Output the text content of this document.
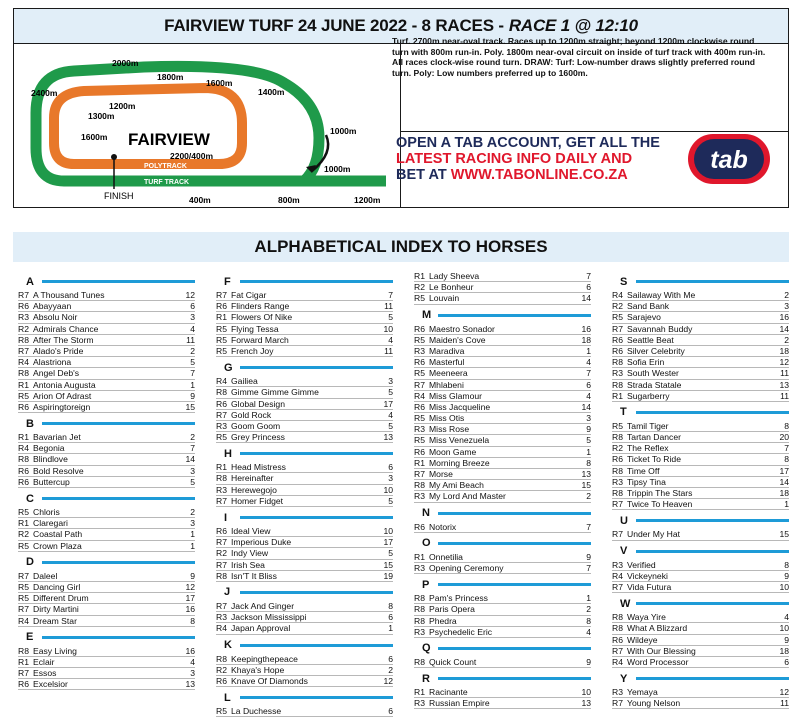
FAIRVIEW TURF 24 JUNE 2022 - 8 RACES - RACE 1 @ 12:10
FAIRVIEW
2400m
2000m
1800m
1600m
1400m
1000m
1000m
1200m
1300m
1600m
2200/400m
POLYTRACK
TURF TRACK
FINISH	400m	800m	1200m
Turf. 2700m near-oval track. Races up to 1200m straight; beyond 1200m clockwise round turn with 800m run-in. Poly. 1800m near-oval circuit on inside of turf track with 400m run-in. All races clock-wise round turn. DRAW: Turf: Low-number draws slightly preferred round turn. Poly: Low numbers preferred up to 1600m.
OPEN A TAB ACCOUNT, GET ALL THE
LATEST RACING INFO DAILY AND
BET AT WWW.TABONLINE.CO.ZA
tab
ALPHABETICAL INDEX TO HORSES
A
R7 A Thousand Tunes	12
R6 Abayyaan	6
R3 Absolu Noir	3
R2 Admirals Chance	4
R8 After The Storm	11
R7 Alado's Pride	2
R4 Alastriona	5
R8 Angel Deb's	7
R1 Antonia Augusta	1
R5 Arion Of Adrast	9
R6 Aspiringtoreign	15
B
R1 Bavarian Jet	2
R4 Begonia	7
R8 Blindlove	14
R6 Bold Resolve	3
R6 Buttercup	5
C
R5 Chloris	2
R1 Claregari	3
R2 Coastal Path	1
R5 Crown Plaza	1
D
R7 Daleel	9
R5 Dancing Girl	12
R5 Different Drum	17
R7 Dirty Martini	16
R4 Dream Star	8
E
R8 Easy Living	16
R1 Eclair	4
R7 Essos	3
R6 Excelsior	13
F
R7 Fat Cigar	7
R6 Flinders Range	11
R1 Flowers Of Nike	5
R5 Flying Tessa	10
R5 Forward March	4
R5 French Joy	11
G
R4 Gailiea	3
R8 Gimme Gimme Gimme	5
R6 Global Design	17
R7 Gold Rock	4
R3 Goom Goom	5
R5 Grey Princess	13
H
R1 Head Mistress	6
R8 Hereinafter	3
R3 Herewegojo	10
R7 Homer Fidget	5
I
R6 Ideal View	10
R7 Imperious Duke	17
R2 Indy View	5
R7 Irish Sea	15
R8 Isn'T It Bliss	19
J
R7 Jack And Ginger	8
R3 Jackson Mississippi	6
R4 Japan Approval	1
K
R8 Keepingthepeace	6
R2 Khaya's Hope	2
R6 Knave Of Diamonds	12
L
R5 La Duchesse	6
R1 Lady Sheeva	7
R2 Le Bonheur	6
R5 Louvain	14
M
R6 Maestro Sonador	16
R5 Maiden's Cove	18
R3 Maradiva	1
R6 Masterful	4
R5 Meeneera	7
R7 Mhlabeni	6
R4 Miss Glamour	4
R6 Miss Jacqueline	14
R5 Miss Otis	3
R3 Miss Rose	9
R5 Miss Venezuela	5
R6 Moon Game	1
R1 Morning Breeze	8
R7 Morse	13
R8 My Ami Beach	15
R3 My Lord And Master	2
N
R6 Notorix	7
O
R1 Onnetilia	9
R3 Opening Ceremony	7
P
R8 Pam's Princess	1
R8 Paris Opera	2
R8 Phedra	8
R3 Psychedelic Eric	4
Q
R8 Quick Count	9
R
R1 Racinante	10
R3 Russian Empire	13
S
R4 Sailaway With Me	2
R2 Sand Bank	3
R5 Sarajevo	16
R7 Savannah Buddy	14
R6 Seattle Beat	2
R6 Silver Celebrity	18
R8 Sofia Erin	12
R3 South Wester	11
R8 Strada Statale	13
R1 Sugarberry	11
T
R5 Tamil Tiger	8
R8 Tartan Dancer	20
R2 The Reflex	7
R6 Ticket To Ride	8
R8 Time Off	17
R3 Tipsy Tina	14
R8 Trippin The Stars	18
R7 Twice To Heaven	1
U
R7 Under My Hat	15
V
R3 Verified	8
R4 Vickeyneki	9
R7 Vida Futura	10
W
R8 Waya Yire	4
R8 What A Blizzard	10
R6 Wildeye	9
R7 With Our Blessing	18
R4 Word Processor	6
Y
R3 Yemaya	12
R7 Young Nelson	11
